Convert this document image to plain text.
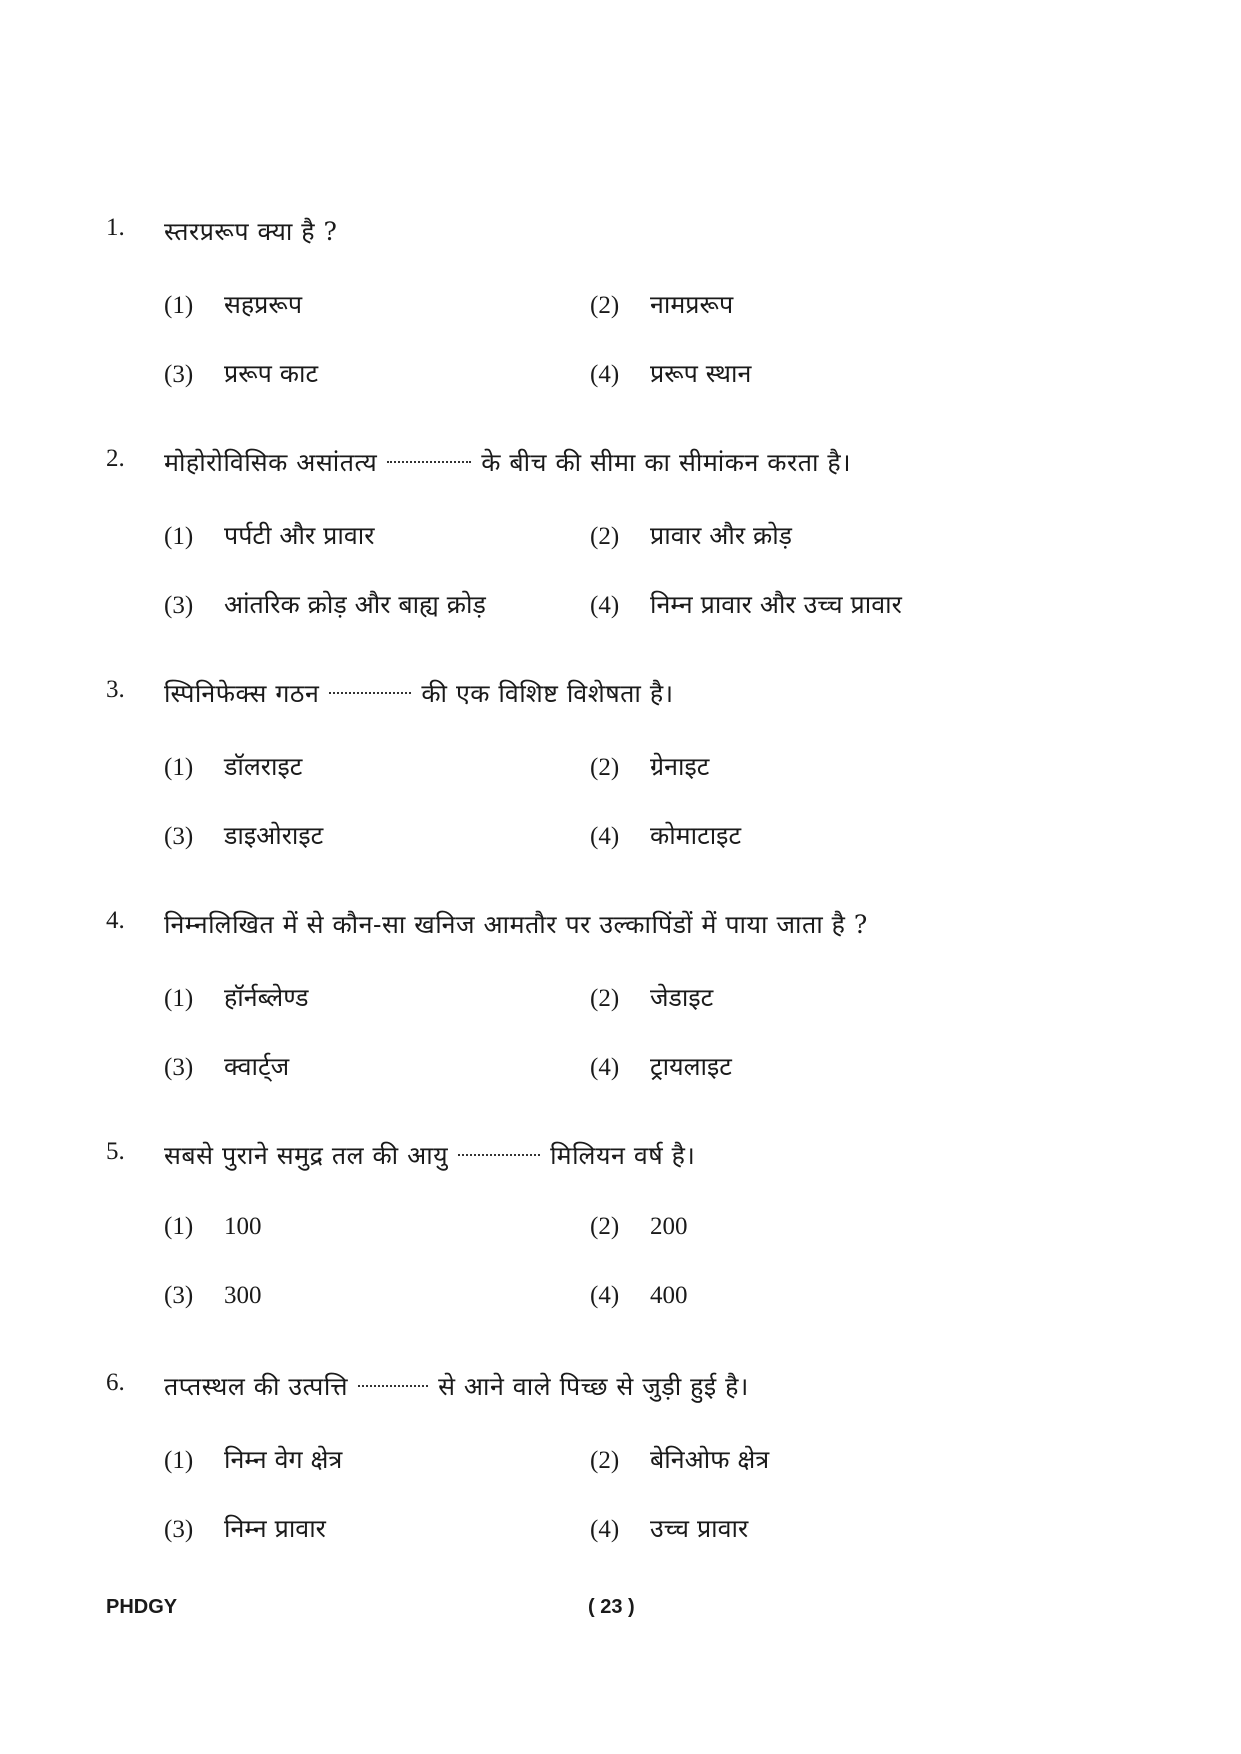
1. स्तरप्ररूप क्या है ?
(1) सहप्ररूप	(2) नामप्ररूप
(3) प्ररूप काट	(4) प्ररूप स्थान
2. मोहोरोविसिक असांतत्य	के बीच की सीमा का सीमांकन करता है।
(1) पर्पटी और प्रावार	(2) प्रावार और क्रोड़
(3) आंतरिक क्रोड़ और बाह्य क्रोड़	(4) निम्न प्रावार और उच्च प्रावार
3. स्पिनिफेक्स गठन	की एक विशिष्ट विशेषता है।
(1) डॉलराइट	(2) ग्रेनाइट
(3) डाइओराइट	(4) कोमाटाइट
4. निम्नलिखित में से कौन-सा खनिज आमतौर पर उल्कापिंडों में पाया जाता है ?
(1) हॉर्नब्लेण्ड	(2) जेडाइट
(3) क्वार्ट्ज	(4) ट्रायलाइट
5. सबसे पुराने समुद्र तल की आयु	मिलियन वर्ष है।
(1) 100	(2) 200
(3) 300	(4) 400
6. तप्तस्थल की उत्पत्ति	से आने वाले पिच्छ से जुड़ी हुई है।
(1) निम्न वेग क्षेत्र	(2) बेनिओफ क्षेत्र
(3) निम्न प्रावार	(4) उच्च प्रावार
PHDGY	( 23 )
